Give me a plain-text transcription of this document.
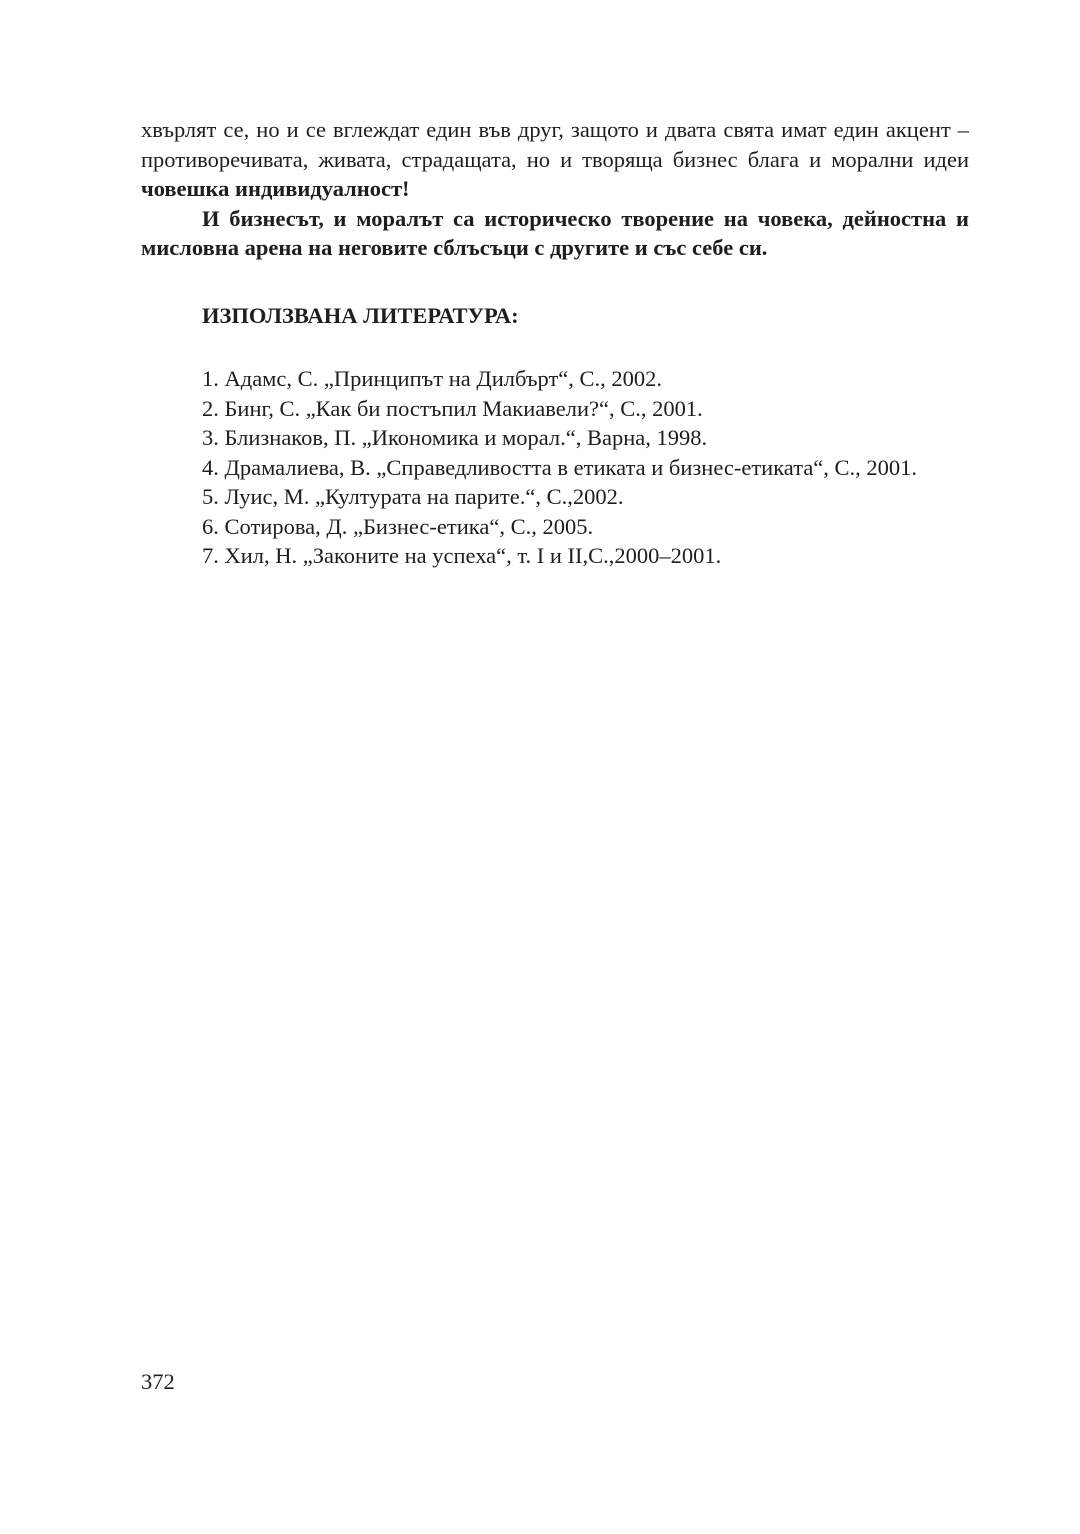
хвърлят се, но и се вглеждат един във друг, защото и двата свята имат един акцент – противоречивата, живата, страдащата, но и творяща бизнес блага и морални идеи човешка индивидуалност!

И бизнесът, и моралът са историческо творение на човека, дейностна и мисловна арена на неговите сблъсъци с другите и със себе си.

ИЗПОЛЗВАНА ЛИТЕРАТУРА:
1. Адамс, С. „Принципът на Дилбърт“, С., 2002.
2. Бинг, С. „Как би постъпил Макиавели?“, С., 2001.
3. Близнаков, П. „Икономика и морал.“, Варна, 1998.
4. Драмалиева, В. „Справедливостта в етиката и бизнес-етиката“, С., 2001.
5. Луис, М. „Културата на парите.“, С.,2002.
6. Сотирова, Д. „Бизнес-етика“, С., 2005.
7. Хил, Н. „Законите на успеха“, т. I и II,С.,2000–2001.
372
